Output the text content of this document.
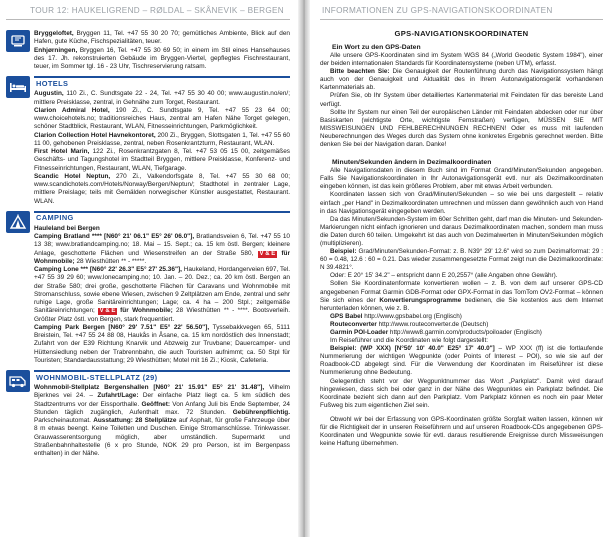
TOUR 12: HAUKELIGREND – RØLDAL – SKÅNEVIK – BERGEN

Bryggeloftet, Bryggen 11, Tel. +47 55 30 20 70; gemütliches Ambiente, Blick auf den Hafen, gute Küche, Fischspezialitäten, teuer.

Enhjørningen, Bryggen 16, Tel. +47 55 30 69 50; in einem im Stil eines Hansehauses des 17. Jh. rekonstruierten Gebäude im Bryggen-Viertel, gepflegtes Fischrestaurant, teuer, im Sommer tgl. 16 - 23 Uhr, Tischreservierung ratsam.

HOTELS

Augustin, 110 Zi., C. Sundtsgate 22 - 24, Tel. +47 55 30 40 00; www.augustin.no/en/; mittlere Preisklasse, zentral, in Gehnähe zum Torget, Restaurant.

Clarion Admiral Hotel, 190 Zi., C. Sundtsgate 9, Tel. +47 55 23 64 00; www.choicehotels.no; traditionsreiches Haus, zentral am Hafen Nähe Torget gelegen, schöner Stadtblick, Restaurant, WLAN, Fitnesseinrichtungen, Parkmöglichkeit.

Clarion Collection Hotel Havnekontoret, 200 Zi., Bryggen, Slottsgaten 1, Tel. +47 55 60 11 00, gehobenen Preisklasse, zentral, neben Rosenkrantzturm, Restaurant, WLAN.

First Hotel Marin, 122 Zi., Rosenkrantzgaten 8, Tel. +47 53 05 15 00, zeitgemäßes Geschäfts- und Tagungshotel im Stadtteil Bryggen, mittlere Preisklasse, Konferenz- und Fitnesseinrichtungen, Restaurant, WLAN, Tiefgarage.

Scandic Hotel Neptun, 270 Zi., Valkendorfsgate 8, Tel. +47 55 30 68 00; www.scandichotels.com/Hotels/Norway/Bergen/Neptun/; Stadthotel in zentraler Lage, mittlere Preislage; teils mit Gemälden norwegischer Künstler ausgestattet, Restaurant. WLAN.

CAMPING

Hauleland bei Bergen

Camping Bratland **** [N60° 21' 06.1" E5° 26' 06.0"], Bratlandsveien 6, Tel. +47 55 10 13 38; www.bratlandcamping.no; 18. Mai – 15. Sept.; ca. 15 km östl. Bergen; kleinere Anlage, geschotterte Flächen und Wiesenstreifen an der Straße 580, V & E für Wohnmobile; 28 Wiesthütten ** - *****.

Camping Lone *** [N60° 22' 26.3" E5° 27' 25.36"], Haukeland, Hordangerveien 697, Tel. +47 55 39 29 60; www.lonecamping.no; 10. Jan. – 20. Dez.; ca. 20 km östl. Bergen an der Straße 580; drei große, geschotterte Flächen für Caravans und Wohnmobile mit Stromanschluss, sowie ebene Wiesen, zwischen 9 Zeltplätzen am Ende, zentral und sehr ruhige Lage, große Sanitäreinrichtungen; Lage; ca. 4 ha – 200 Stpl.; zeitgemäße Sanitäreinrichtungen; V & E für Wohnmobile; 28 Wiesthütten ** - ****. Bootsverleih. Größter Platz östl. von Bergen, stark frequentiert.

Camping Park Bergen [N60° 29' 7.51" E5° 22' 56.50"], Tyssebakkvegen 65, 5111 Breistein, Tel. +47 55 24 88 08, Haukås in Åsane, ca. 15 km nordöstlich des Innenstadt; Zufahrt von der E39 Richtung Knarvik und Abzweig zur Truvbane; Dauercamper- und Hüttensiedlung neben der Trabrennbahn, die auch Touristen aufnimmt; ca. 50 Stpl für Touristen; Standardausstattung; 29 Wiesthütten; Motel mit 16 Zi.; Kiosk, Cafeteria.

WOHNMOBIL-STELLPLATZ (29)

Wohnmobil-Stellplatz Bergenshallen [N60° 21' 15.91" E5° 21' 31.48"], Vilhelm Bjerknes vei 24. – Zufahrt/Lage: Der einfache Platz liegt ca. 5 km südlich des Stadtzentrums vor der Eissporthalle. Geöffnet: Von Anfang Juli bis Ende September, 24 Stunden täglich zugänglich, Aufenthalt max. 72 Stunden. Gebührenpflichtig. Parkscheinautomat. Ausstattung: 28 Stellplätze auf Asphalt, für große Fahrzeuge über 8 m etwas beengt. Keine Toiletten und Duschen. Einige Stromanschlüsse. Trinkwasser. Grauwasserentsorgung möglich, aber umständlich. Supermarkt und Straßenbahnhaltestelle (6 x pro Stunde, NOK 29 pro Person, ist im Bergenpass enthalten) in der Nähe.

INFORMATIONEN ZU GPS-NAVIGATIONSKOORDINATEN
GPS-NAVIGATIONSKOORDINATEN
Ein Wort zu den GPS-Daten

Alle unsere GPS-Koordinaten sind im System WGS 84 („World Geodetic System 1984"), einer der beiden internationalen Standards für Koordinatensysteme (neben UTM), erfasst.

Bitte beachten Sie: Die Genauigkeit der Routenführung durch das Navigationssystem hängt auch von der Genauigkeit und Aktualität des in Ihrem Autonavigationsgerät vorhandenen Kartenmaterials ab.

Prüfen Sie, ob Ihr System über detailliertes Kartenmaterial mit Feindaten für das bereiste Land verfügt.

Sollte Ihr System nur einen Teil der europäischen Länder mit Feindaten abdecken oder nur über Basiskarten (wichtigste Orte, wichtigste Fernstraßen) verfügen, MÜSSEN SIE MIT MISSWEISUNGEN UND FEHLBERECHNUNGEN RECHNEN! Oder es muss mit laufenden Neuberechnungen des Weges durch das System ohne konkretes Ergebnis gerechnet werden. Bitte denken Sie bei der Navigation daran. Danke!

Minuten/Sekunden ändern in Dezimalkoordinaten

Alle Navigationsdaten in diesem Buch sind im Format Grand/Minuten/Sekunden angegeben. Falls Sie Navigationskoordinaten in Ihr Autonavigationsgerät evtl. nur als Dezimalkoordinaten eingeben können, ist das kein größeres Problem, aber mit etwas Arbeit verbunden.

Koordinaten lassen sich von Grad/Minuten/Sekunden – so wie bei uns dargestellt – relativ einfach „per Hand" in Dezimalkoordinaten umrechnen und müssen dann gewöhnlich auch von Hand in das Navigationsgerät eingegeben werden.

Da das Minuten/Sekunden-System im 60er Schritten geht, darf man die Minuten- und Sekunden-Markierungen nicht einfach ignorieren und daraus Dezimalkoordinaten machen, sondern man muss die Daten durch 60 teilen. Umgekehrt ist das auch von Dezimalwerten in Minuten/Sekunden möglich (multiplizieren).

Beispiel: Grad/Minuten/Sekunden-Format: z. B. N39° 29' 12.6" wird so zum Dezimalformat: 29 : 60 = 0.48, 12.6 : 60 = 0.21. Das wieder zusammengesetzte Format zeigt nun die Dezimalkoordinate: N 39.4821°.

Oder: E 20° 15' 34.2" – entspricht dann E 20,2557° (alle Angaben ohne Gewähr).

Sollen Sie Koordinatenformate konvertieren wollen – z. B. von dem auf unserer GPS-CD angegebenen Format Garmin GDB-Format oder GPX-Format in das TomTom OV2-Format – können Sie sich eines der Konvertierungsprogramme bedienen, die Sie kostenlos aus dem Internet herunterladen können, wie z. B.

GPS Babel http://www.gpsbabel.org (Englisch)

Routeconverter http://www.routeconverter.de (Deutsch)

Garmin POI-Loader http://www8.garmin.com/products/poiloader (Englisch)

Im Reiseführer und die Koordinaten wie folgt dargestellt:

Beispiel: (WP XXX) [N°50' 10' 40.0" E25° 17' 40.0"] – WP XXX (ff) ist die fortlaufende Nummerierung der wichtigen Wegpunkte (oder Points of Interest – POI), so wie sie auf der Roadbook-CD abgelegt sind. Für die Verwendung der Koordinaten im Reiseführer ist diese Nummerierung ohne Bedeutung.

Gelegentlich steht vor der Wegpunktnummer das Wort „Parkplatz". Damit wird darauf hingewiesen, dass sich bei oder ganz in der Nähe des Wegpunktes ein Parkplatz befindet. Die Koordinate bezieht sich dann auf den Parkplatz. Vom Parkplatz können es noch ein paar Meter Fußweg bis zum eigentlichen Ziel sein.

Obwohl wir bei der Erfassung von GPS-Koordinaten größte Sorgfalt walten lassen, können wir für die Richtigkeit der in unseren Reiseführern und auf unseren Roadbook-CDs angegebenen GPS-Koordinaten und Wegpunkte sowie für evtl. daraus resultierende Ereignisse durch Missweisungen keine Haftung übernehmen.
